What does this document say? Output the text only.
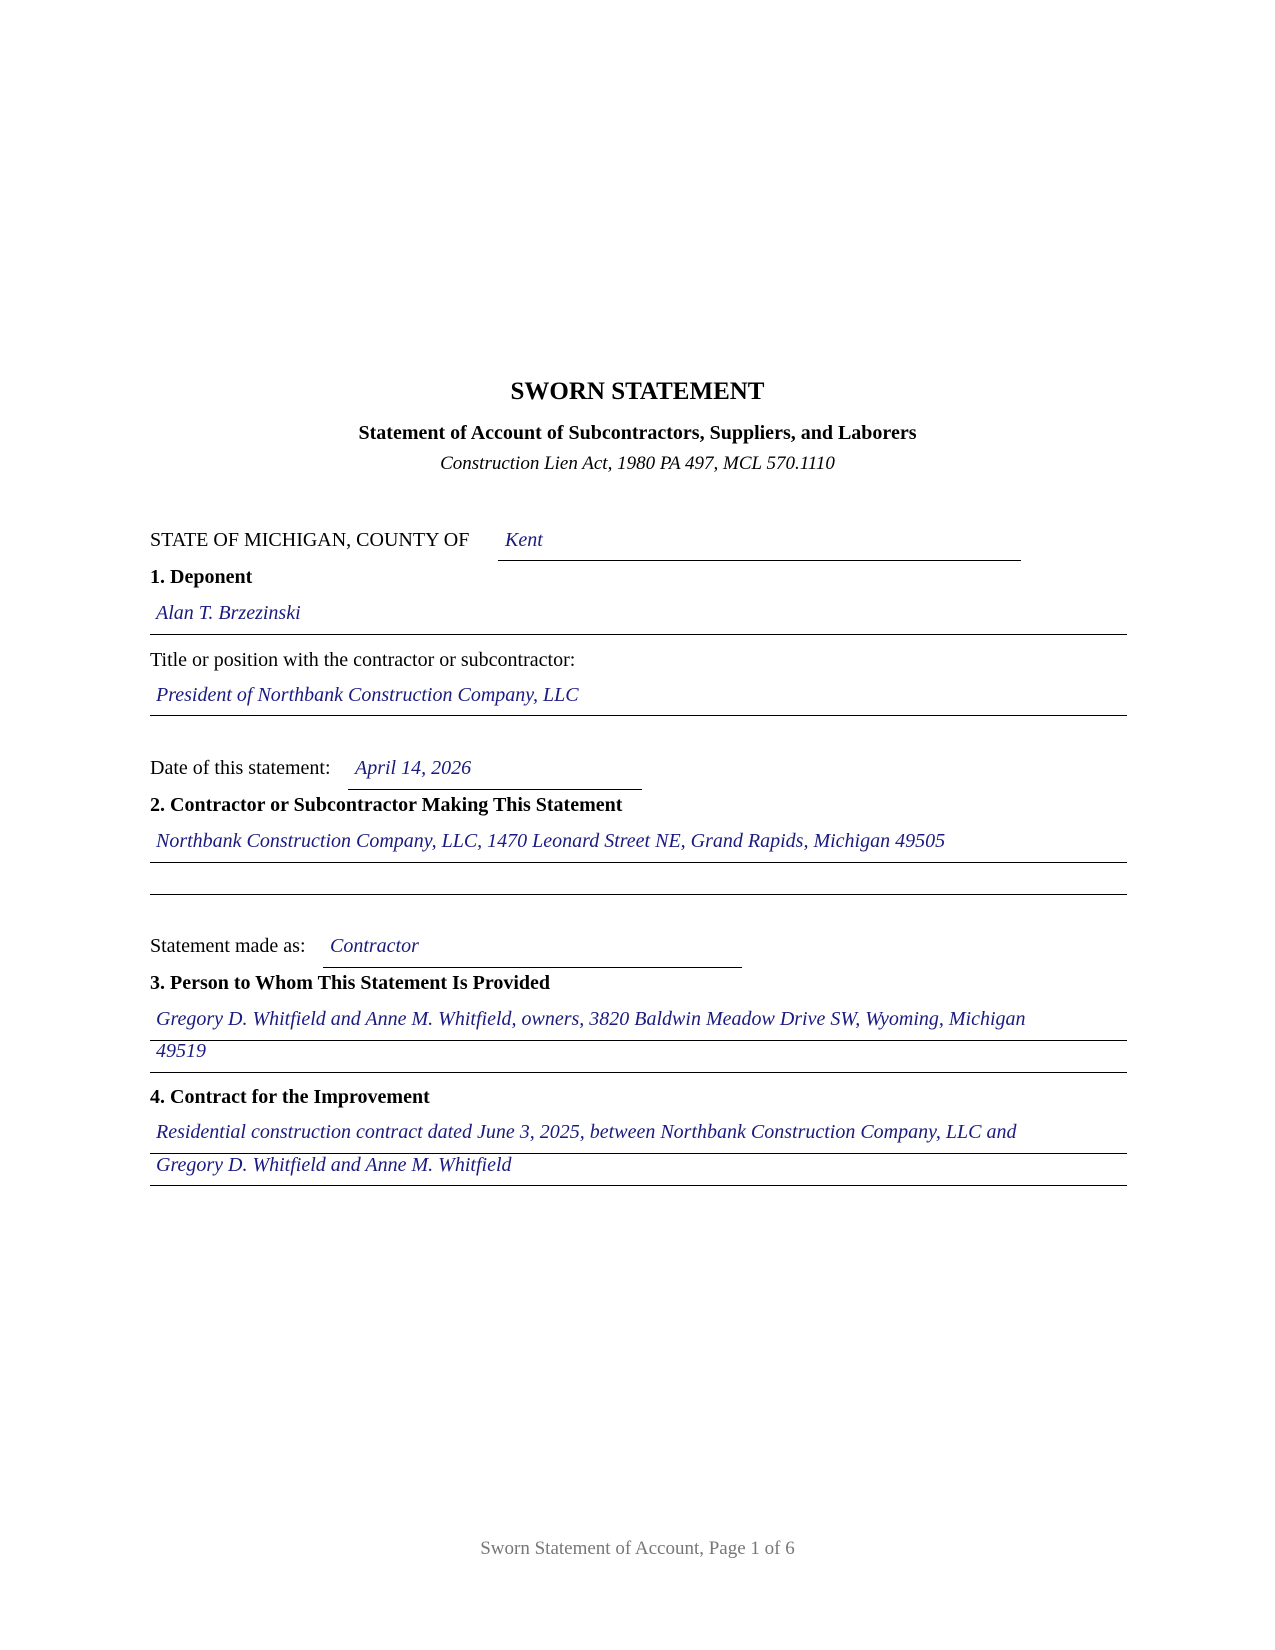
SWORN STATEMENT
Statement of Account of Subcontractors, Suppliers, and Laborers
Construction Lien Act, 1980 PA 497, MCL 570.1110
STATE OF MICHIGAN, COUNTY OF Kent
1. Deponent
Alan T. Brzezinski
Title or position with the contractor or subcontractor:
President of Northbank Construction Company, LLC
Date of this statement: April 14, 2026
2. Contractor or Subcontractor Making This Statement
Northbank Construction Company, LLC, 1470 Leonard Street NE, Grand Rapids, Michigan 49505
Statement made as: Contractor
3. Person to Whom This Statement Is Provided
Gregory D. Whitfield and Anne M. Whitfield, owners, 3820 Baldwin Meadow Drive SW, Wyoming, Michigan
49519
4. Contract for the Improvement
Residential construction contract dated June 3, 2025, between Northbank Construction Company, LLC and
Gregory D. Whitfield and Anne M. Whitfield
Sworn Statement of Account, Page 1 of 6
